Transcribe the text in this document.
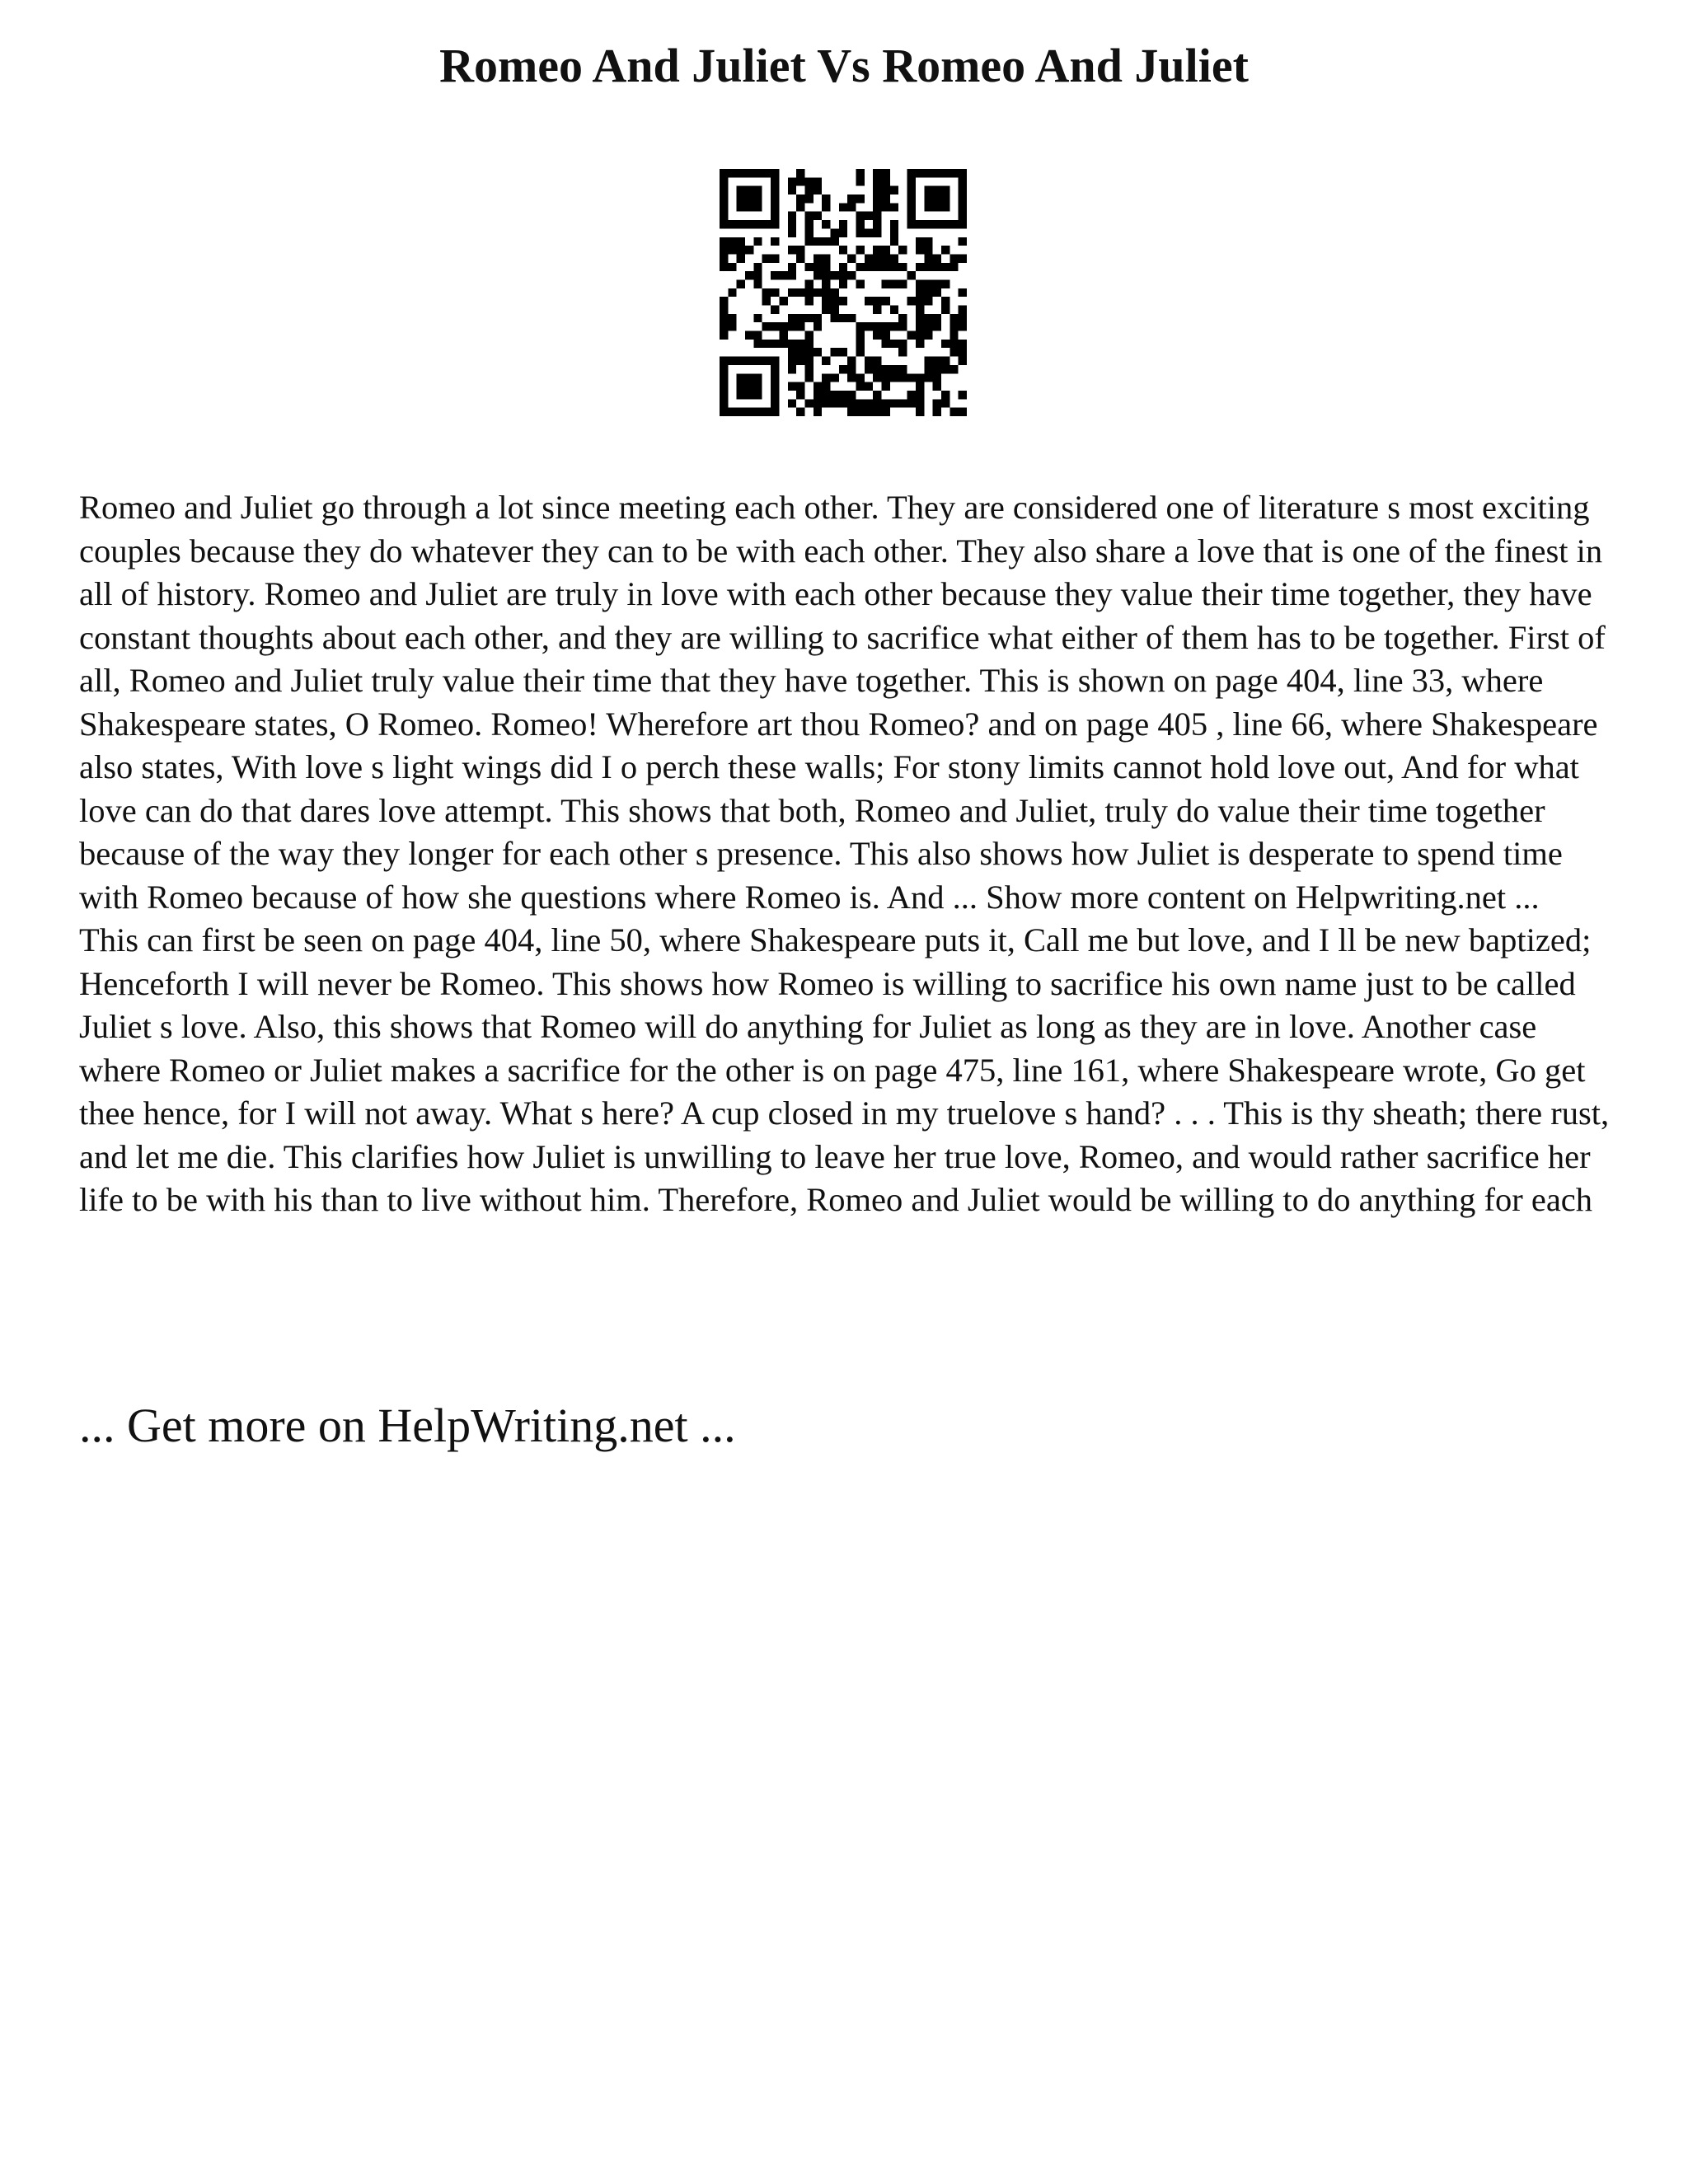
Romeo And Juliet Vs Romeo And Juliet

Romeo and Juliet go through a lot since meeting each other. They are considered one of literature s most exciting couples because they do whatever they can to be with each other. They also share a love that is one of the finest in all of history. Romeo and Juliet are truly in love with each other because they value their time together, they have constant thoughts about each other, and they are willing to sacrifice what either of them has to be together. First of all, Romeo and Juliet truly value their time that they have together. This is shown on page 404, line 33, where Shakespeare states, O Romeo. Romeo! Wherefore art thou Romeo? and on page 405 , line 66, where Shakespeare also states, With love s light wings did I o perch these walls; For stony limits cannot hold love out, And for what love can do that dares love attempt. This shows that both, Romeo and Juliet, truly do value their time together because of the way they longer for each other s presence. This also shows how Juliet is desperate to spend time with Romeo because of how she questions where Romeo is. And ... Show more content on Helpwriting.net ...

This can first be seen on page 404, line 50, where Shakespeare puts it, Call me but love, and I ll be new baptized; Henceforth I will never be Romeo. This shows how Romeo is willing to sacrifice his own name just to be called Juliet s love. Also, this shows that Romeo will do anything for Juliet as long as they are in love. Another case where Romeo or Juliet makes a sacrifice for the other is on page 475, line 161, where Shakespeare wrote, Go get thee hence, for I will not away. What s here? A cup closed in my truelove s hand? . . . This is thy sheath; there rust, and let me die. This clarifies how Juliet is unwilling to leave her true love, Romeo, and would rather sacrifice her life to be with his than to live without him. Therefore, Romeo and Juliet would be willing to do anything for each

... Get more on HelpWriting.net ...
